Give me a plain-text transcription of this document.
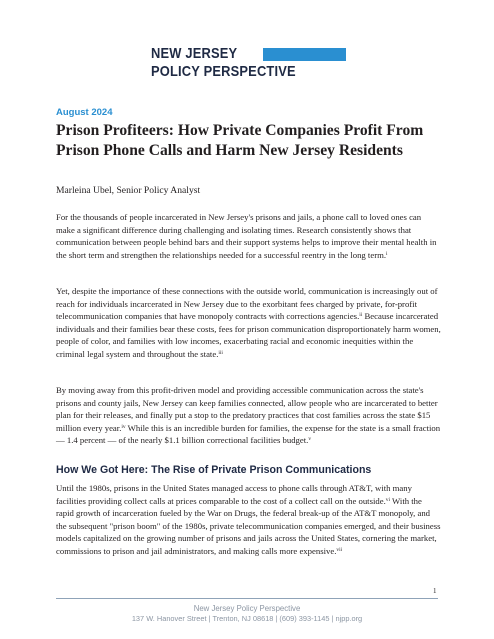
NEW JERSEY
POLICY PERSPECTIVE
August 2024
Prison Profiteers: How Private Companies Profit From Prison Phone Calls and Harm New Jersey Residents
Marleina Ubel, Senior Policy Analyst

For the thousands of people incarcerated in New Jersey's prisons and jails, a phone call to loved ones can make a significant difference during challenging and isolating times. Research consistently shows that communication between people behind bars and their support systems helps to improve their mental health in the short term and strengthen the relationships needed for a successful reentry in the long term.$^i$

Yet, despite the importance of these connections with the outside world, communication is increasingly out of reach for individuals incarcerated in New Jersey due to the exorbitant fees charged by private, for-profit telecommunication companies that have monopoly contracts with corrections agencies.$^{ii}$ Because incarcerated individuals and their families bear these costs, fees for prison communication disproportionately harm women, people of color, and families with low incomes, exacerbating racial and economic inequities within the criminal legal system and throughout the state.$^{iii}$

By moving away from this profit-driven model and providing accessible communication across the state's prisons and county jails, New Jersey can keep families connected, allow people who are incarcerated to better plan for their releases, and finally put a stop to the predatory practices that cost families across the state $15 million every year.$^{iv}$ While this is an incredible burden for families, the expense for the state is a small fraction — 1.4 percent — of the nearly $1.1 billion correctional facilities budget.$^v$

How We Got Here: The Rise of Private Prison Communications

Until the 1980s, prisons in the United States managed access to phone calls through AT&T, with many facilities providing collect calls at prices comparable to the cost of a collect call on the outside.$^{vi}$ With the rapid growth of incarceration fueled by the War on Drugs, the federal break-up of the AT&T monopoly, and the subsequent "prison boom" of the 1980s, private telecommunication companies emerged, and their business models capitalized on the growing number of prisons and jails across the United States, cornering the market, commissions to prison and jail administrators, and making calls more expensive.$^{vii}$

1
New Jersey Policy Perspective
137 W. Hanover Street | Trenton, NJ 08618 | (609) 393-1145 | njpp.org
